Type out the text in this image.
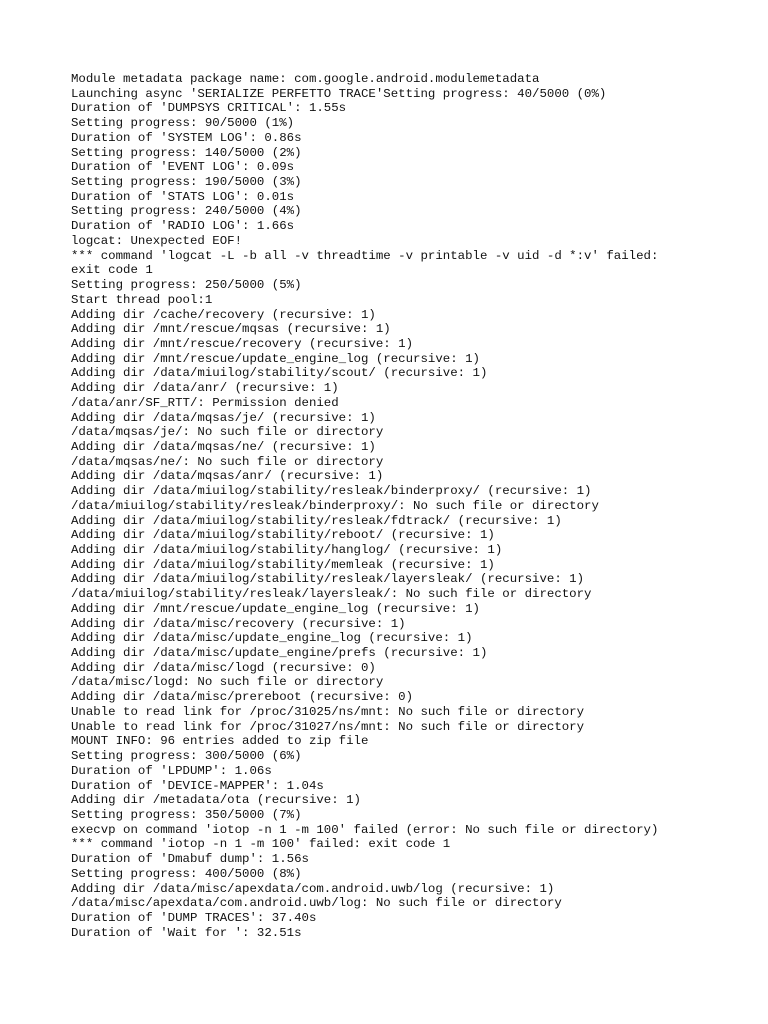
Module metadata package name: com.google.android.modulemetadata
Launching async 'SERIALIZE PERFETTO TRACE'Setting progress: 40/5000 (0%)
Duration of 'DUMPSYS CRITICAL': 1.55s
Setting progress: 90/5000 (1%)
Duration of 'SYSTEM LOG': 0.86s
Setting progress: 140/5000 (2%)
Duration of 'EVENT LOG': 0.09s
Setting progress: 190/5000 (3%)
Duration of 'STATS LOG': 0.01s
Setting progress: 240/5000 (4%)
Duration of 'RADIO LOG': 1.66s
logcat: Unexpected EOF!
*** command 'logcat -L -b all -v threadtime -v printable -v uid -d *:v' failed:
exit code 1
Setting progress: 250/5000 (5%)
Start thread pool:1
Adding dir /cache/recovery (recursive: 1)
Adding dir /mnt/rescue/mqsas (recursive: 1)
Adding dir /mnt/rescue/recovery (recursive: 1)
Adding dir /mnt/rescue/update_engine_log (recursive: 1)
Adding dir /data/miuilog/stability/scout/ (recursive: 1)
Adding dir /data/anr/ (recursive: 1)
/data/anr/SF_RTT/: Permission denied
Adding dir /data/mqsas/je/ (recursive: 1)
/data/mqsas/je/: No such file or directory
Adding dir /data/mqsas/ne/ (recursive: 1)
/data/mqsas/ne/: No such file or directory
Adding dir /data/mqsas/anr/ (recursive: 1)
Adding dir /data/miuilog/stability/resleak/binderproxy/ (recursive: 1)
/data/miuilog/stability/resleak/binderproxy/: No such file or directory
Adding dir /data/miuilog/stability/resleak/fdtrack/ (recursive: 1)
Adding dir /data/miuilog/stability/reboot/ (recursive: 1)
Adding dir /data/miuilog/stability/hanglog/ (recursive: 1)
Adding dir /data/miuilog/stability/memleak (recursive: 1)
Adding dir /data/miuilog/stability/resleak/layersleak/ (recursive: 1)
/data/miuilog/stability/resleak/layersleak/: No such file or directory
Adding dir /mnt/rescue/update_engine_log (recursive: 1)
Adding dir /data/misc/recovery (recursive: 1)
Adding dir /data/misc/update_engine_log (recursive: 1)
Adding dir /data/misc/update_engine/prefs (recursive: 1)
Adding dir /data/misc/logd (recursive: 0)
/data/misc/logd: No such file or directory
Adding dir /data/misc/prereboot (recursive: 0)
Unable to read link for /proc/31025/ns/mnt: No such file or directory
Unable to read link for /proc/31027/ns/mnt: No such file or directory
MOUNT INFO: 96 entries added to zip file
Setting progress: 300/5000 (6%)
Duration of 'LPDUMP': 1.06s
Duration of 'DEVICE-MAPPER': 1.04s
Adding dir /metadata/ota (recursive: 1)
Setting progress: 350/5000 (7%)
execvp on command 'iotop -n 1 -m 100' failed (error: No such file or directory)
*** command 'iotop -n 1 -m 100' failed: exit code 1
Duration of 'Dmabuf dump': 1.56s
Setting progress: 400/5000 (8%)
Adding dir /data/misc/apexdata/com.android.uwb/log (recursive: 1)
/data/misc/apexdata/com.android.uwb/log: No such file or directory
Duration of 'DUMP TRACES': 37.40s
Duration of 'Wait for ': 32.51s
